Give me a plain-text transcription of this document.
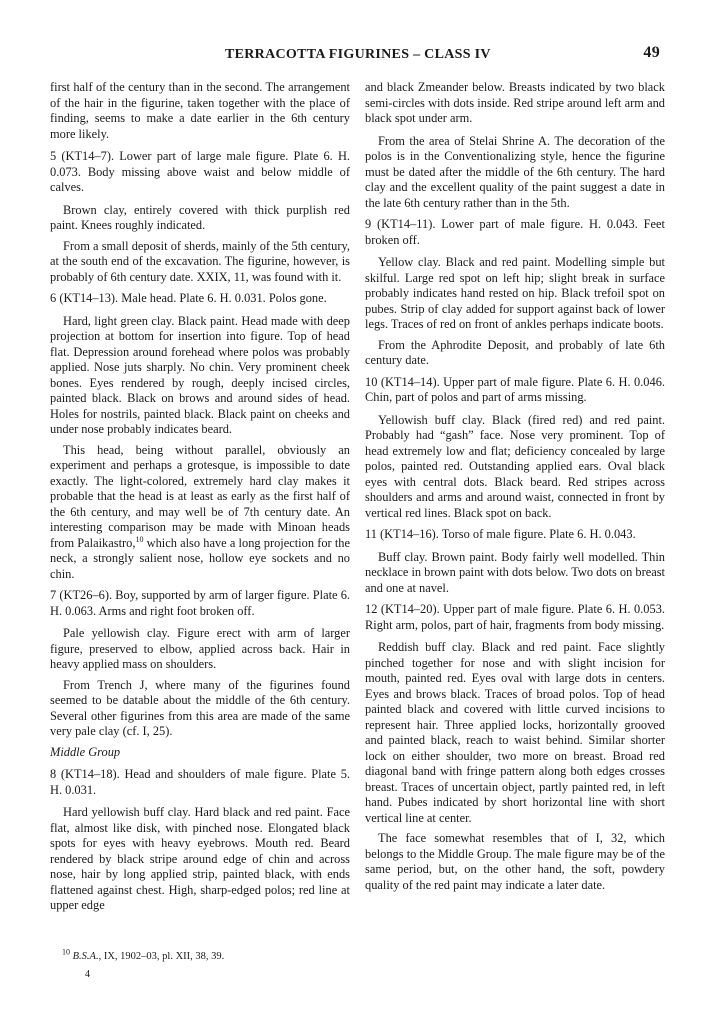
TERRACOTTA FIGURINES – CLASS IV	49

first half of the century than in the second. The arrangement of the hair in the figurine, taken together with the place of finding, seems to make a date earlier in the 6th century more likely.

5 (KT14–7). Lower part of large male figure. Plate 6. H. 0.073. Body missing above waist and below middle of calves.

Brown clay, entirely covered with thick purplish red paint. Knees roughly indicated.

From a small deposit of sherds, mainly of the 5th century, at the south end of the excavation. The figurine, however, is probably of 6th century date. XXIX, 11, was found with it.

6 (KT14–13). Male head. Plate 6. H. 0.031. Polos gone.

Hard, light green clay. Black paint. Head made with deep projection at bottom for insertion into figure. Top of head flat. Depression around forehead where polos was probably applied. Nose juts sharply. No chin. Very prominent cheek bones. Eyes rendered by rough, deeply incised circles, painted black. Black on brows and around sides of head. Holes for nostrils, painted black. Black paint on cheeks and under nose probably indicates beard.

This head, being without parallel, obviously an experiment and perhaps a grotesque, is impossible to date exactly. The light-colored, extremely hard clay makes it probable that the head is at least as early as the first half of the 6th century, and may well be of 7th century date. An interesting comparison may be made with Minoan heads from Palaikastro,$^{10}$ which also have a long projection for the neck, a strongly salient nose, hollow eye sockets and no chin.

7 (KT26–6). Boy, supported by arm of larger figure. Plate 6. H. 0.063. Arms and right foot broken off.

Pale yellowish clay. Figure erect with arm of larger figure, preserved to elbow, applied across back. Hair in heavy applied mass on shoulders.

From Trench J, where many of the figurines found seemed to be datable about the middle of the 6th century. Several other figurines from this area are made of the same very pale clay (cf. I, 25).

Middle Group

8 (KT14–18). Head and shoulders of male figure. Plate 5. H. 0.031.

Hard yellowish buff clay. Hard black and red paint. Face flat, almost like disk, with pinched nose. Elongated black spots for eyes with heavy eyebrows. Mouth red. Beard rendered by black stripe around edge of chin and across nose, hair by long applied strip, painted black, with ends flattened against chest. High, sharp-edged polos; red line at upper edge

and black Zmeander below. Breasts indicated by two black semi-circles with dots inside. Red stripe around left arm and black spot under arm.

From the area of Stelai Shrine A. The decoration of the polos is in the Conventionalizing style, hence the figurine must be dated after the middle of the 6th century. The hard clay and the excellent quality of the paint suggest a date in the late 6th century rather than in the 5th.

9 (KT14–11). Lower part of male figure. H. 0.043. Feet broken off.

Yellow clay. Black and red paint. Modelling simple but skilful. Large red spot on left hip; slight break in surface probably indicates hand rested on hip. Black trefoil spot on pubes. Strip of clay added for support against back of lower legs. Traces of red on front of ankles perhaps indicate boots.

From the Aphrodite Deposit, and probably of late 6th century date.

10 (KT14–14). Upper part of male figure. Plate 6. H. 0.046. Chin, part of polos and part of arms missing.

Yellowish buff clay. Black (fired red) and red paint. Probably had “gash” face. Nose very prominent. Top of head extremely low and flat; deficiency concealed by large polos, painted red. Outstanding applied ears. Oval black eyes with central dots. Black beard. Red stripes across shoulders and arms and around waist, connected in front by vertical red lines. Black spot on back.

11 (KT14–16). Torso of male figure. Plate 6. H. 0.043.

Buff clay. Brown paint. Body fairly well modelled. Thin necklace in brown paint with dots below. Two dots on breast and one at navel.

12 (KT14–20). Upper part of male figure. Plate 6. H. 0.053. Right arm, polos, part of hair, fragments from body missing.

Reddish buff clay. Black and red paint. Face slightly pinched together for nose and with slight incision for mouth, painted red. Eyes oval with large dots in centers. Eyes and brows black. Traces of broad polos. Top of head painted black and covered with little curved incisions to represent hair. Three applied locks, horizontally grooved and painted black, reach to waist behind. Similar shorter lock on either shoulder, two more on breast. Broad red diagonal band with fringe pattern along both edges crosses breast. Traces of uncertain object, partly painted red, in left hand. Pubes indicated by short horizontal line with short vertical line at center.

The face somewhat resembles that of I, 32, which belongs to the Middle Group. The male figure may be of the same period, but, on the other hand, the soft, powdery quality of the red paint may indicate a later date.

$^{10}$ B.S.A., IX, 1902–03, pl. XII, 38, 39.
4
